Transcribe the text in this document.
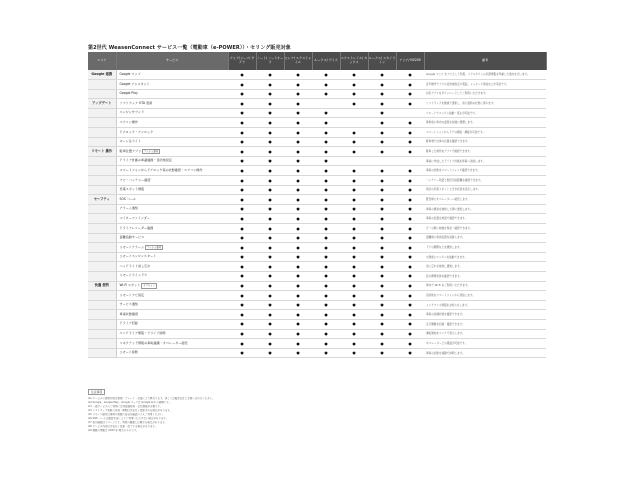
第2世代 WeasenConnect サービス一覧（電動車（e-POWER））・セリング販売対象
エリア	サービス	アリア/リーフ/ サクラ	ノート/ ノートオーラ	セレナ/ エクストレイル	ルークス/ デイズ	エクストレイル/ キックス	ルークス/ スカイライン	アリア/ NV200	備考
Google 連携	Google マップ	●	●	●	●	●	●	●	Google マップ をナビとして利用。リアルタイムの渋滞情報を考慮した案内を行います。
	Google アシスタント	●	●	●	●	●	●	●	音声操作でナビの目的地設定や電話、メッセージ送信などが可能です。
	Google Play	●	●	●	●	●	●	●	対応アプリをダウンロードしてご利用いただけます。
アップデート	ソフトウェア OTA 更新	●	●	●		●	●	●	ソフトウェアを無線で更新し、常に最新の状態に保ちます。
	エンジンサウンド	●	●	●	●		●		リモートでエンジン始動・停止が可能です。
	エアコン操作	●	●	●	●		●	●	乗車前に車内の温度を快適に調整します。
	ドアロック・アンロック	●	●	●	●	●	●	●	スマートフォンからドアの施錠・解錠が可能です。
	ホーン＆ライト	●	●	●	●	●	●	●	駐車場で自車の位置を確認できます。
リモート 操作	駐車位置アプリ プッシュ通知	●	●	●	●	●	●	●	駐車した場所をアプリで確認できます。
	ドライブ計画の車載連携・目的地設定	●	●	●	●				事前に作成したドライブ計画を車両へ送信します。
	スマートフォンからドアロック等の状態確認・エアコン操作	●	●	●	●	●	●	●	車両の状態をスマートフォンで確認できます。
	ナビ・バッテリー確認	●	●	●	●	●	●	●	バッテリー残量と航続可能距離を確認できます。
	充電スポット情報	●	●	●	●	●	●	●	周辺の充電スポットと空き状況を表示します。
セーフティ	SOS コール	●	●	●	●	●	●	●	緊急時にオペレーターへ接続します。
	アラーム通知	●	●	●	●	●	●	●	車両の異常を検知した際に通知します。
	マイカーファインダー	●	●	●	●	●	●	●	車両の位置を地図で確認できます。
	ドライブレコーダー連携	●	●	●	●	●	●	●	万一の際に映像を保存・確認できます。
	盗難追跡サービス	●	●	●	●	●	●	●	盗難時に車両位置を追跡します。
	リモートアラーム プッシュ通知	●	●	●	●	●	●	●	ドアの開閉などを通知します。
	リモートエンジンスタート	●	●	●	●	●	●	●	出発前にエンジンを始動できます。
	ヘッドライト消し忘れ	●	●	●	●	●	●	●	消し忘れを検知し通知します。
	リモートウインドウ	●	●	●	●	●	●	●	窓の開閉状態を確認できます。
快適 便利	Wi-Fi スポット オプション	●	●	●	●	●	●	●	車内で Wi-Fi をご利用いただけます。
	リモートナビ設定	●	●	●	●	●	●	●	目的地をスマートフォンから送信します。
	サービス通知	●	●	●	●	●	●	●	メンテナンス情報をお知らせします。
	車両状態確認	●	●	●	●	●	●	●	車両の各種状態を確認できます。
	ドライブ記録	●	●	●	●	●	●	●	走行履歴を記録・確認できます。
	エコドライブ情報・ドライブ診断	●	●	●	●	●	●	●	運転傾向をスコアで表示します。
	コネクテッド情報の車両連携・オペレーター接続	●	●	●	●	●	●	●	オペレーターとの通話が可能です。
	リモート診断	●	●	●	●	●	●	●	車両の状態を遠隔で診断します。
注意事項
※1 サービスの提供内容は車種・グレード・仕様により異なります。詳しくは販売会社にお問い合わせください。
※2 Google、Google Play、Google マップは Google LLC の商標です。
※3 一部サービスのご利用には別途通信料・会員登録が必要です。
※4 ソフトウェア更新の内容・時期は予告なく変更される場合があります。
※5 リモート操作は車両の周囲の安全を確認のうえご利用ください。
※6 SOS コールは通信状況によりご利用いただけない場合があります。
※7 表示画面はイメージです。実際の画面とは異なる場合があります。
※8 サービス内容は予告なく変更・終了する場合があります。
※9 掲載の情報は 2023 年 時点のものです。
